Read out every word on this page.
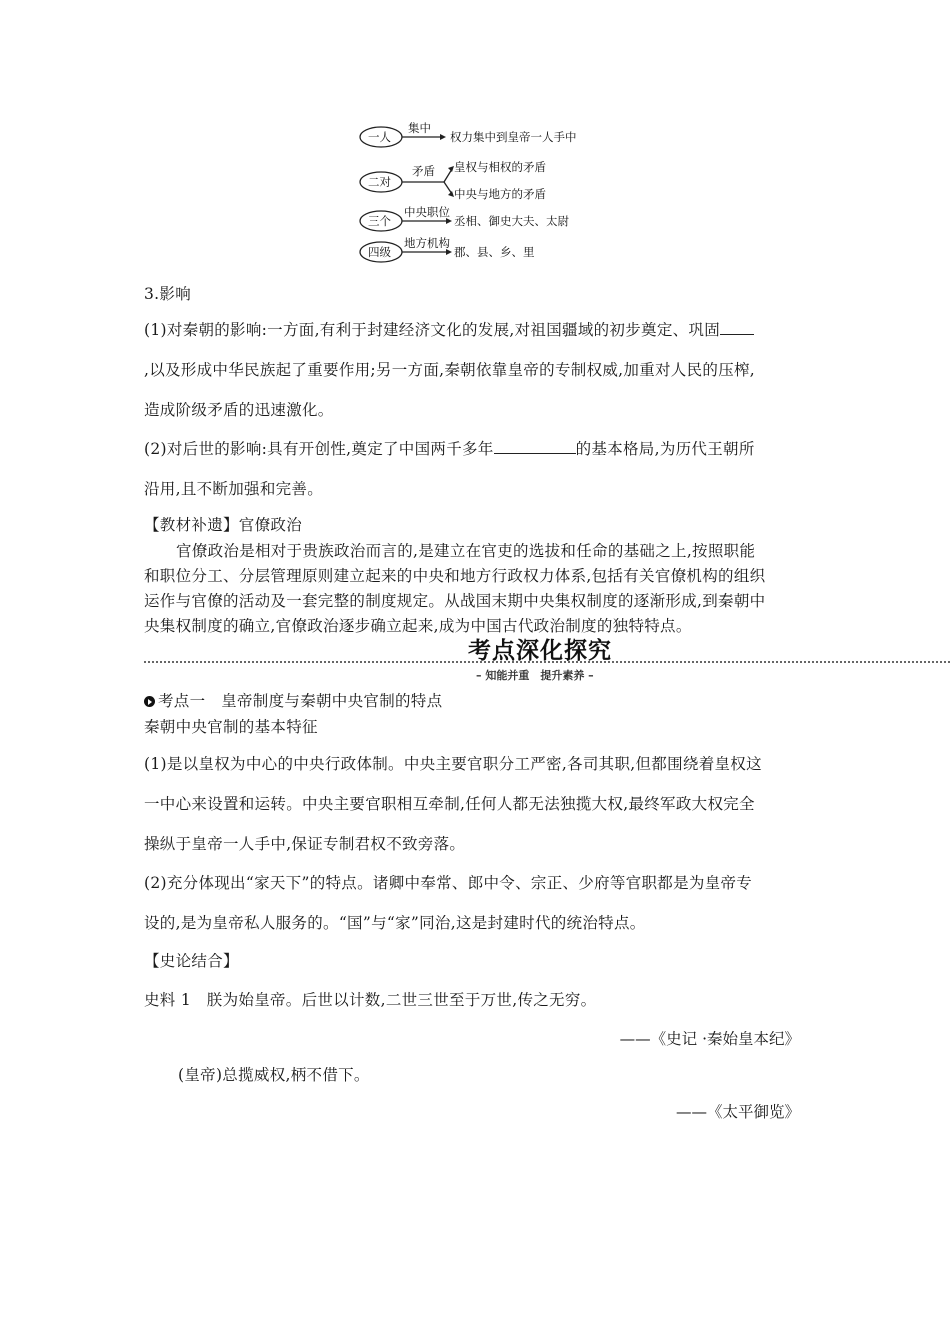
一人
集中
权力集中到皇帝一人手中
二对
矛盾 皇权与相权的矛盾
中央与地方的矛盾
三个
中央职位
丞相、御史大夫、太尉
四级
地方机构
郡、县、乡、里
3.影响
(1)对秦朝的影响:一方面,有利于封建经济文化的发展,对祖国疆域的初步奠定、巩固
,以及形成中华民族起了重要作用;另一方面,秦朝依靠皇帝的专制权威,加重对人民的压榨,
造成阶级矛盾的迅速激化。
(2)对后世的影响:具有开创性,奠定了中国两千多年	的基本格局,为历代王朝所
沿用,且不断加强和完善。
【教材补遗】官僚政治
官僚政治是相对于贵族政治而言的,是建立在官吏的选拔和任命的基础之上,按照职能
和职位分工、分层管理原则建立起来的中央和地方行政权力体系,包括有关官僚机构的组织
运作与官僚的活动及一套完整的制度规定。从战国末期中央集权制度的逐渐形成,到秦朝中
央集权制度的确立,官僚政治逐步确立起来,成为中国古代政治制度的独特特点。
考点深化探究
– 知能并重　提升素养 –
考点一　皇帝制度与秦朝中央官制的特点
秦朝中央官制的基本特征
(1)是以皇权为中心的中央行政体制。中央主要官职分工严密,各司其职,但都围绕着皇权这
一中心来设置和运转。中央主要官职相互牵制,任何人都无法独揽大权,最终军政大权完全
操纵于皇帝一人手中,保证专制君权不致旁落。
(2)充分体现出“家天下”的特点。诸卿中奉常、郎中令、宗正、少府等官职都是为皇帝专
设的,是为皇帝私人服务的。“国”与“家”同治,这是封建时代的统治特点。
【史论结合】
史料 1　朕为始皇帝。后世以计数,二世三世至于万世,传之无穷。
——《史记 ·秦始皇本纪》
(皇帝)总揽威权,柄不借下。
——《太平御览》
